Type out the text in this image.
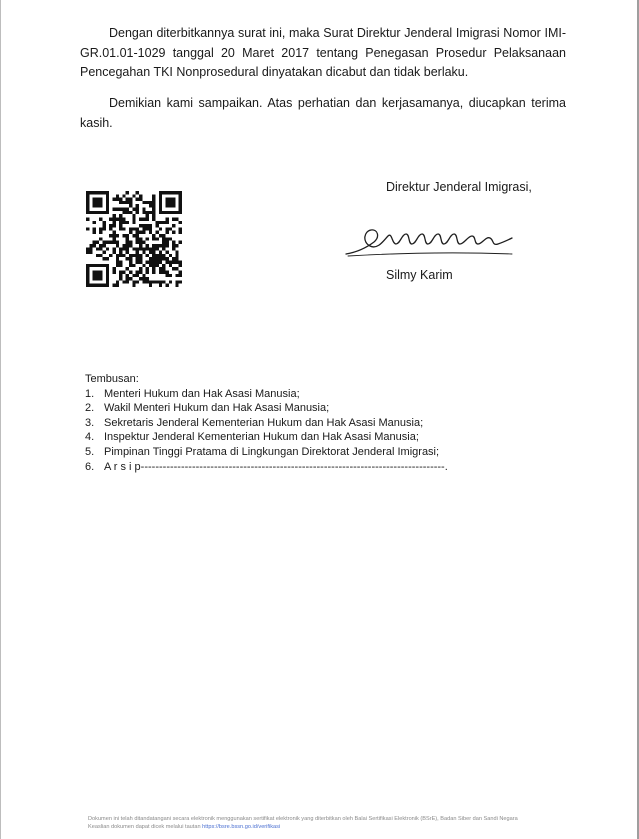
Dengan diterbitkannya surat ini, maka Surat Direktur Jenderal Imigrasi Nomor IMI-GR.01.01-1029 tanggal 20 Maret 2017 tentang Penegasan Prosedur Pelaksanaan Pencegahan TKI Nonprosedural dinyatakan dicabut dan tidak berlaku.

Demikian kami sampaikan. Atas perhatian dan kerjasamanya, diucapkan terima kasih.

Direktur Jenderal Imigrasi,
Silmy Karim

Tembusan:

1. Menteri Hukum dan Hak Asasi Manusia;
2. Wakil Menteri Hukum dan Hak Asasi Manusia;
3. Sekretaris Jenderal Kementerian Hukum dan Hak Asasi Manusia;
4. Inspektur Jenderal Kementerian Hukum dan Hak Asasi Manusia;
5. Pimpinan Tinggi Pratama di Lingkungan Direktorat Jenderal Imigrasi;
6. A r s i p-----------------------------------------------------------------------------------.
Dokumen ini telah ditandatangani secara elektronik menggunakan sertifikat elektronik yang diterbitkan oleh Balai Sertifikasi Elektronik (BSrE), Badan Siber dan Sandi Negara
Keaslian dokumen dapat dicek melalui tautan https://bsre.bssn.go.id/verifikasi
